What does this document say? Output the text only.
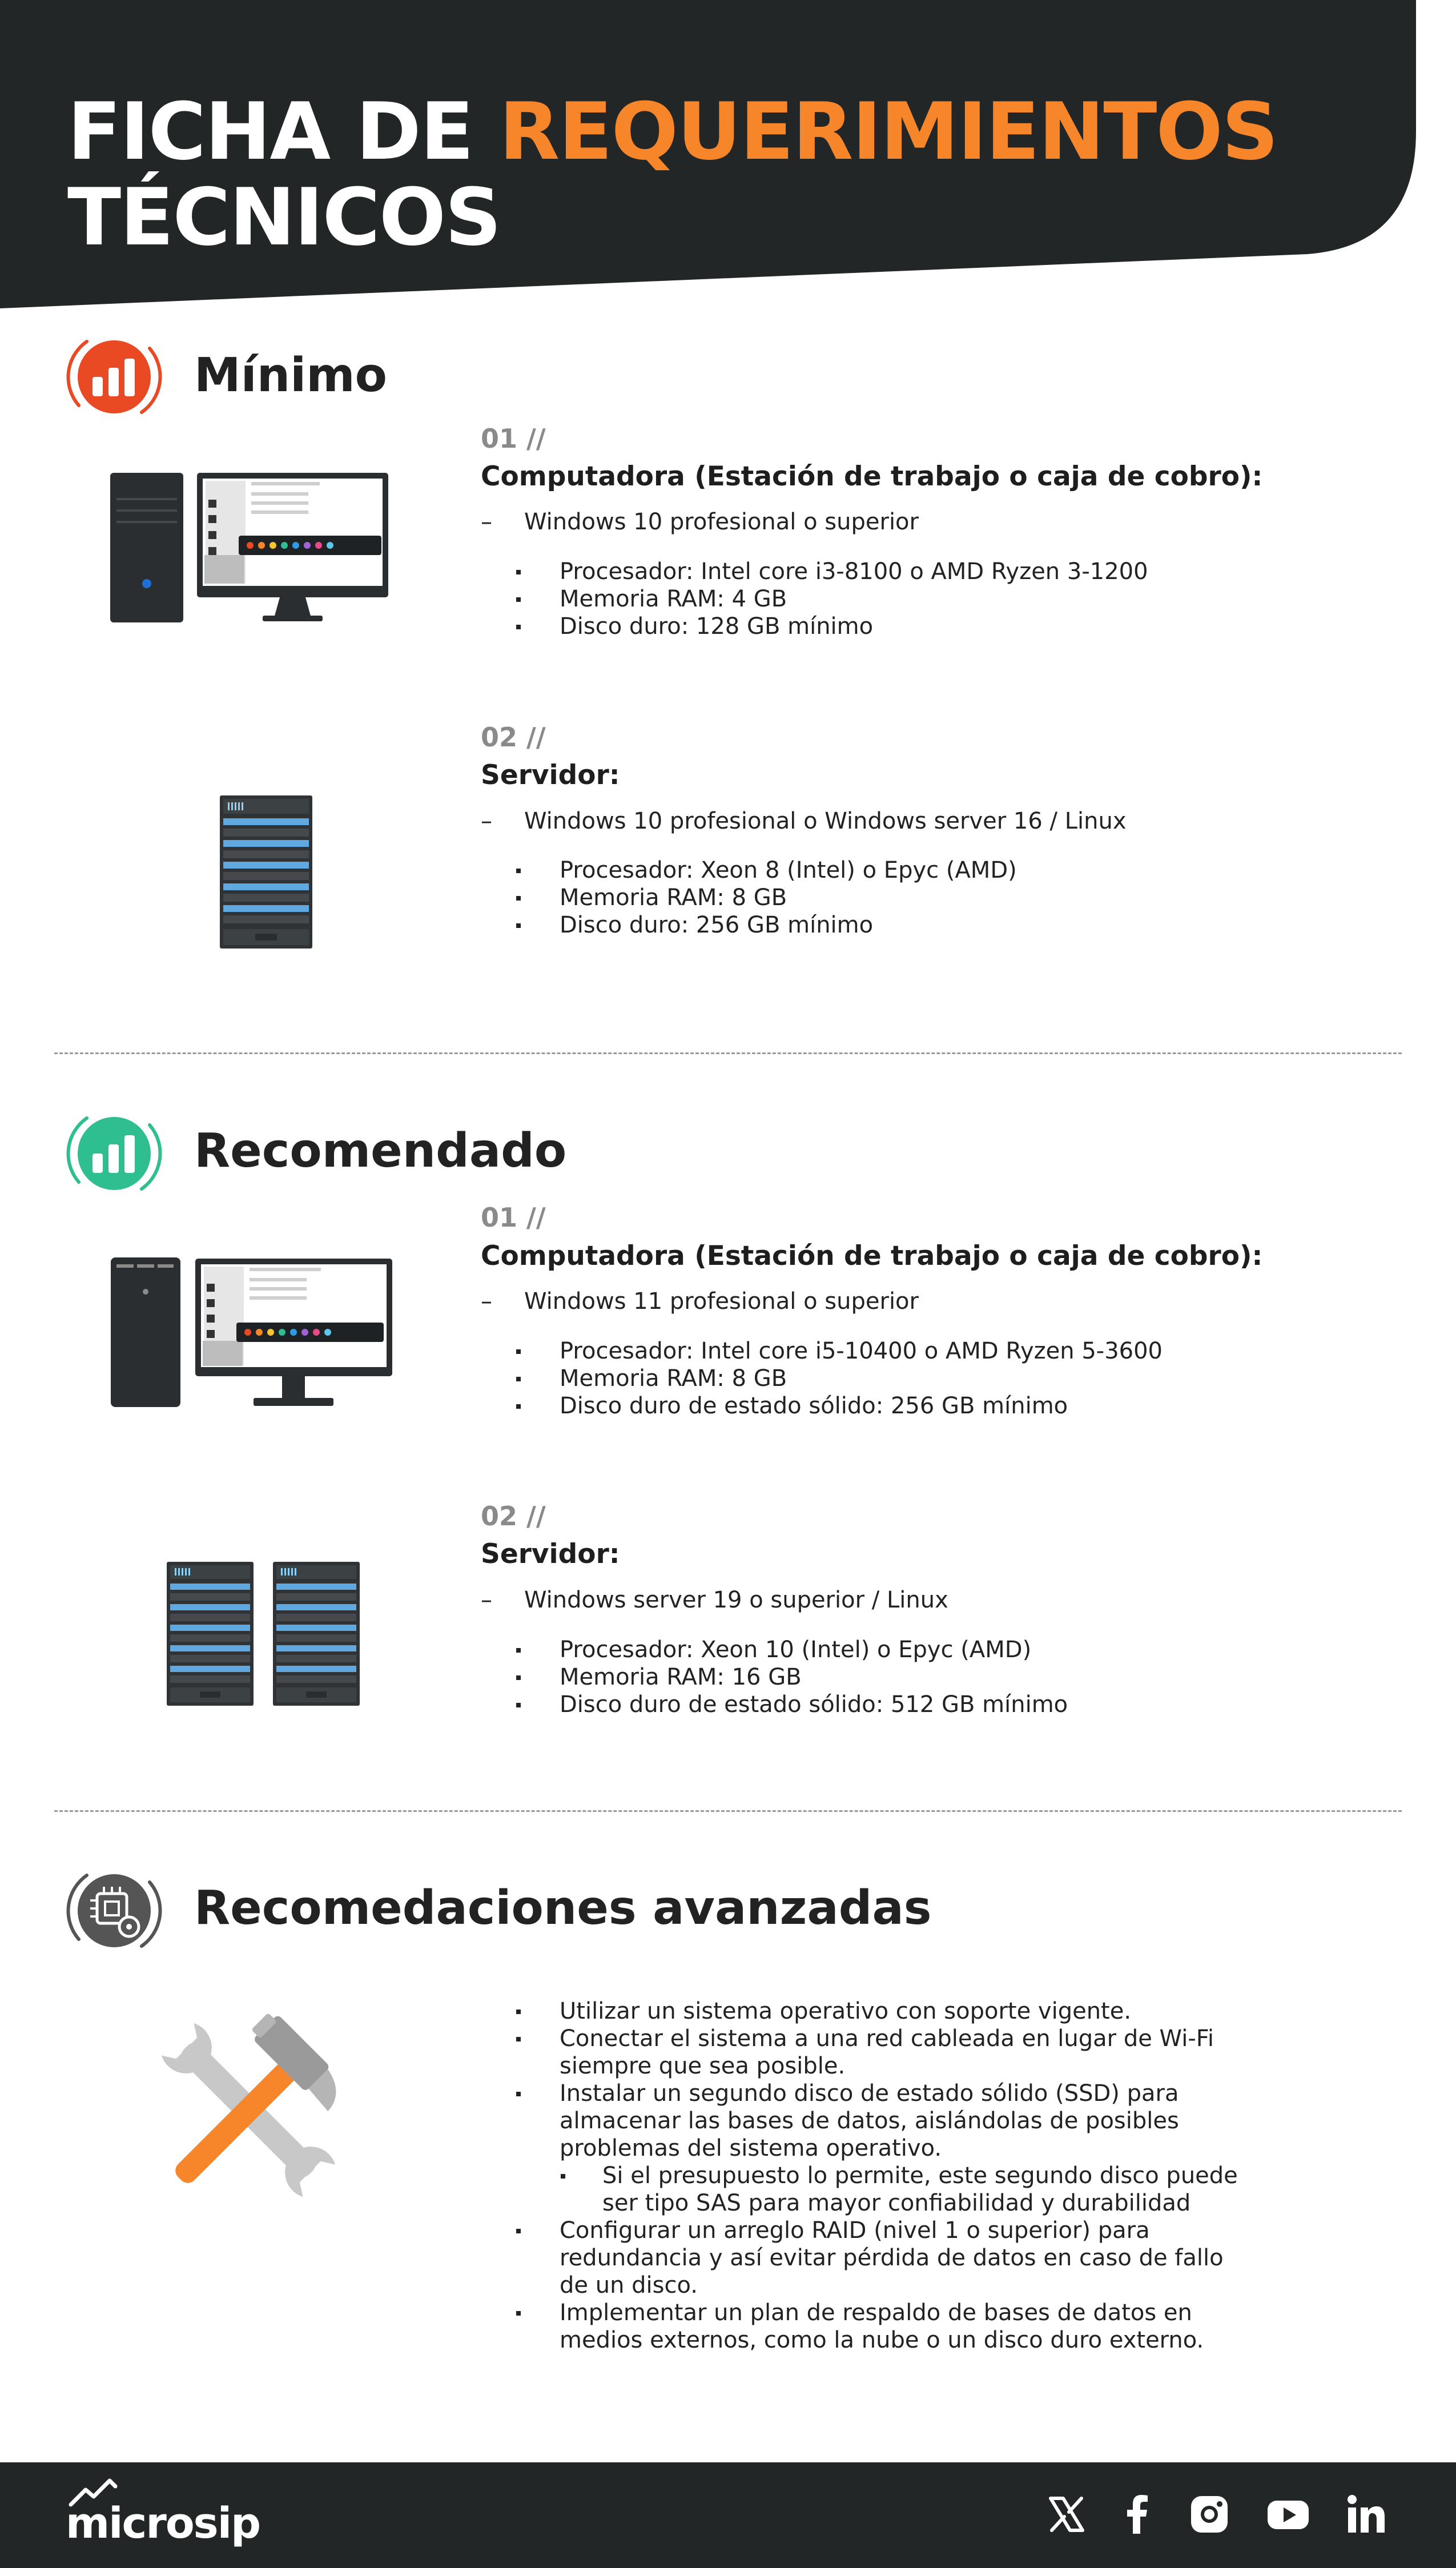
FICHA DE REQUERIMIENTOS
TÉCNICOS
Mínimo
01 //
Computadora (Estación de trabajo o caja de cobro):
– Windows 10 profesional o superior
Procesador: Intel core i3-8100 o AMD Ryzen 3-1200
Memoria RAM: 4 GB
Disco duro: 128 GB mínimo
02 //
Servidor:
– Windows 10 profesional o Windows server 16 / Linux
Procesador: Xeon 8 (Intel) o Epyc (AMD)
Memoria RAM: 8 GB
Disco duro: 256 GB mínimo
Recomendado
01 //
Computadora (Estación de trabajo o caja de cobro):
– Windows 11 profesional o superior
Procesador: Intel core i5-10400 o AMD Ryzen 5-3600
Memoria RAM: 8 GB
Disco duro de estado sólido: 256 GB mínimo
02 //
Servidor:
– Windows server 19 o superior / Linux
Procesador: Xeon 10 (Intel) o Epyc (AMD)
Memoria RAM: 16 GB
Disco duro de estado sólido: 512 GB mínimo
Recomedaciones avanzadas
Utilizar un sistema operativo con soporte vigente.
Conectar el sistema a una red cableada en lugar de Wi-Fi siempre que sea posible.
Instalar un segundo disco de estado sólido (SSD) para almacenar las bases de datos, aislándolas de posibles problemas del sistema operativo.
Si el presupuesto lo permite, este segundo disco puede ser tipo SAS para mayor confiabilidad y durabilidad
Configurar un arreglo RAID (nivel 1 o superior) para redundancia y así evitar pérdida de datos en caso de fallo de un disco.
Implementar un plan de respaldo de bases de datos en medios externos, como la nube o un disco duro externo.
microsip
